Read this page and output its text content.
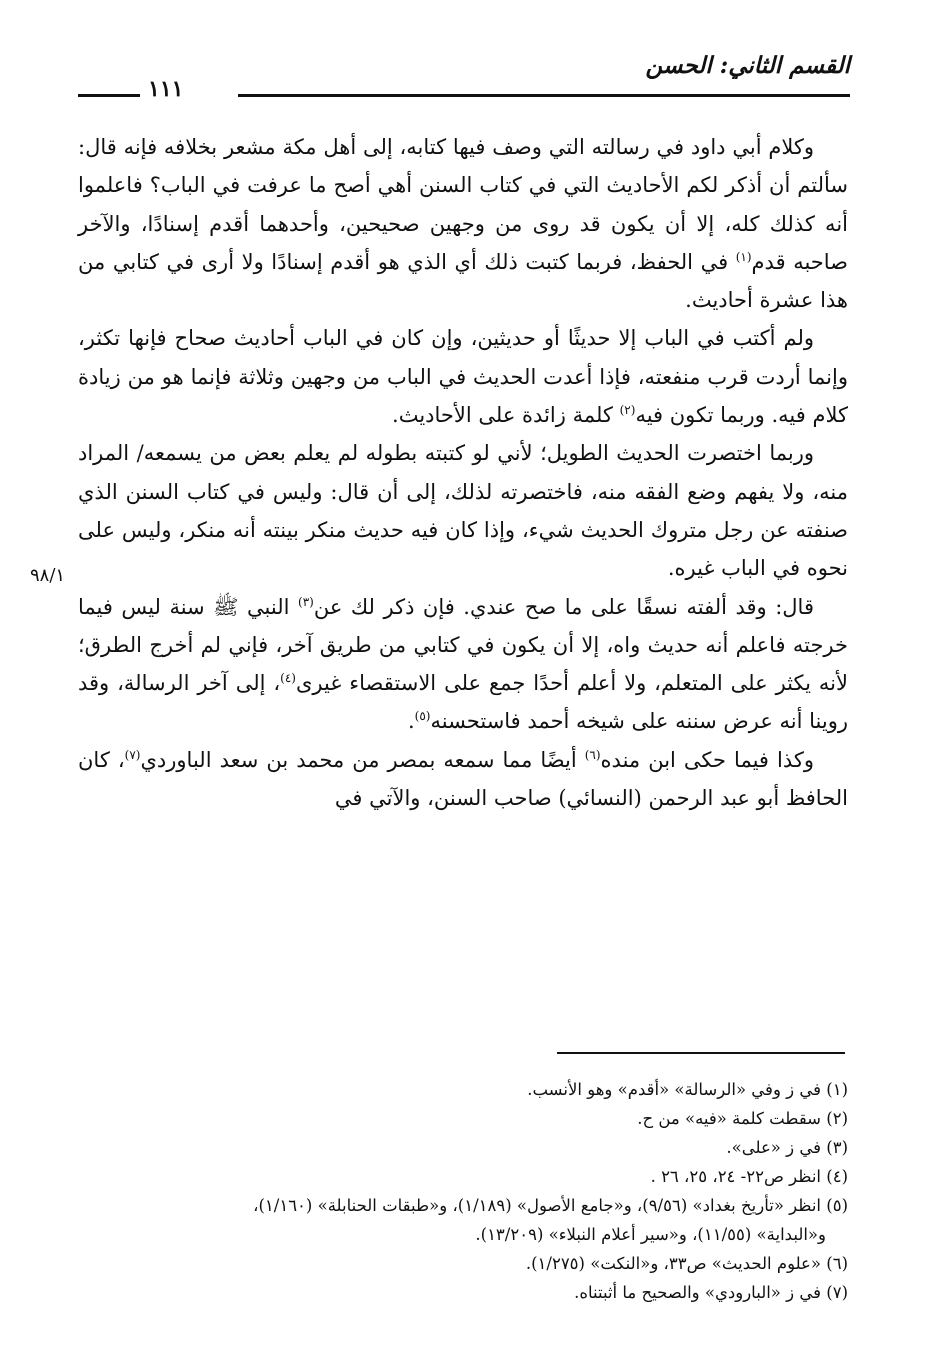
القسم الثاني: الحسن
١١١
٩٨/١

وكلام أبي داود في رسالته التي وصف فيها كتابه، إلى أهل مكة مشعر بخلافه فإنه قال: سألتم أن أذكر لكم الأحاديث التي في كتاب السنن أهي أصح ما عرفت في الباب؟ فاعلموا أنه كذلك كله، إلا أن يكون قد روى من وجهين صحيحين، وأحدهما أقدم إسنادًا، والآخر صاحبه قدم$^{(١)}$ في الحفظ، فربما كتبت ذلك أي الذي هو أقدم إسنادًا ولا أرى في كتابي من هذا عشرة أحاديث.

ولم أكتب في الباب إلا حديثًا أو حديثين، وإن كان في الباب أحاديث صحاح فإنها تكثر، وإنما أردت قرب منفعته، فإذا أعدت الحديث في الباب من وجهين وثلاثة فإنما هو من زيادة كلام فيه. وربما تكون فيه$^{(٢)}$ كلمة زائدة على الأحاديث.

وربما اختصرت الحديث الطويل؛ لأني لو كتبته بطوله لم يعلم بعض من يسمعه/ المراد منه، ولا يفهم وضع الفقه منه، فاختصرته لذلك، إلى أن قال: وليس في كتاب السنن الذي صنفته عن رجل متروك الحديث شيء، وإذا كان فيه حديث منكر بينته أنه منكر، وليس على نحوه في الباب غيره.

قال: وقد ألفته نسقًا على ما صح عندي. فإن ذكر لك عن$^{(٣)}$ النبي ﷺ سنة ليس فيما خرجته فاعلم أنه حديث واه، إلا أن يكون في كتابي من طريق آخر، فإني لم أخرج الطرق؛ لأنه يكثر على المتعلم، ولا أعلم أحدًا جمع على الاستقصاء غيرى$^{(٤)}$، إلى آخر الرسالة، وقد روينا أنه عرض سننه على شيخه أحمد فاستحسنه$^{(٥)}$.

وكذا فيما حكى ابن منده$^{(٦)}$ أيضًا مما سمعه بمصر من محمد بن سعد الباوردي$^{(٧)}$، كان الحافظ أبو عبد الرحمن (النسائي) صاحب السنن، والآتي في

(١) في ز وفي «الرسالة» «أقدم» وهو الأنسب.
(٢) سقطت كلمة «فيه» من ح.
(٣) في ز «على».
(٤) انظر ص٢٢- ٢٤، ٢٥، ٢٦ .
(٥) انظر «تأريخ بغداد» (٩/٥٦)، و«جامع الأصول» (١/١٨٩)، و«طبقات الحنابلة» (١/١٦٠)،
و«البداية» (١١/٥٥)، و«سير أعلام النبلاء» (١٣/٢٠٩).
(٦) «علوم الحديث» ص٣٣، و«النكت» (١/٢٧٥).
(٧) في ز «البارودي» والصحيح ما أثبتناه.
